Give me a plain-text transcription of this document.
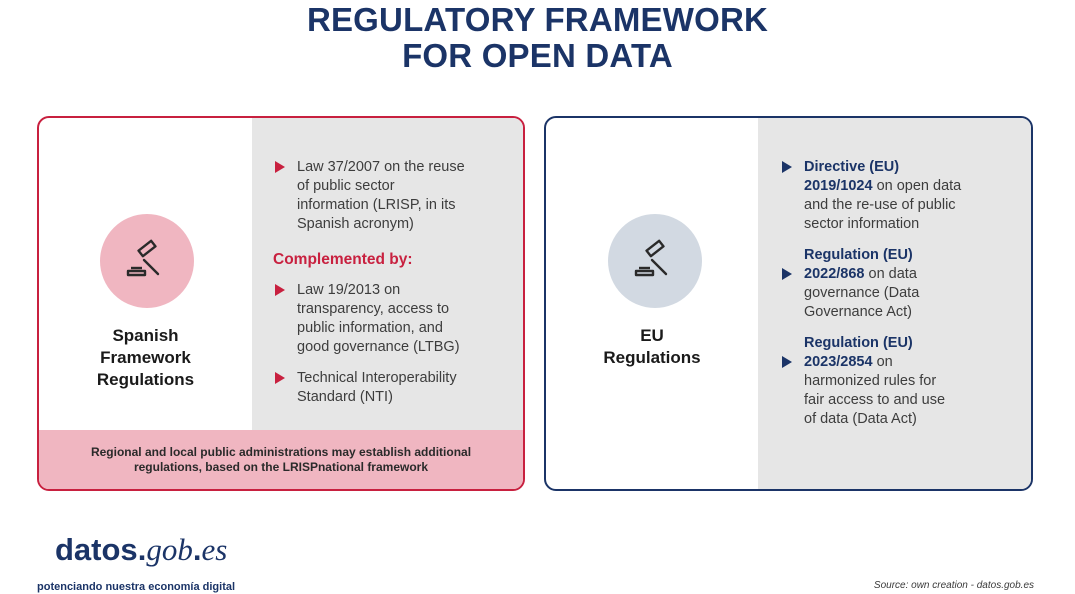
REGULATORY FRAMEWORK
FOR OPEN DATA
Spanish
Framework
Regulations
Law 37/2007 on the reuse
of public sector
information (LRISP, in its
Spanish acronym)
Complemented by:
Law 19/2013 on
transparency, access to
public information, and
good governance (LTBG)
Technical Interoperability
Standard (NTI)
Regional and local public administrations may establish additional
regulations, based on the LRISPnational framework
EU
Regulations
Directive (EU)
2019/1024 on open data
and the re-use of public
sector information
Regulation (EU)
2022/868 on data
governance (Data
Governance Act)
Regulation (EU)
2023/2854 on
harmonized rules for
fair access to and use
of data (Data Act)
datos.gob.es
potenciando nuestra economía digital	Source: own creation - datos.gob.es
